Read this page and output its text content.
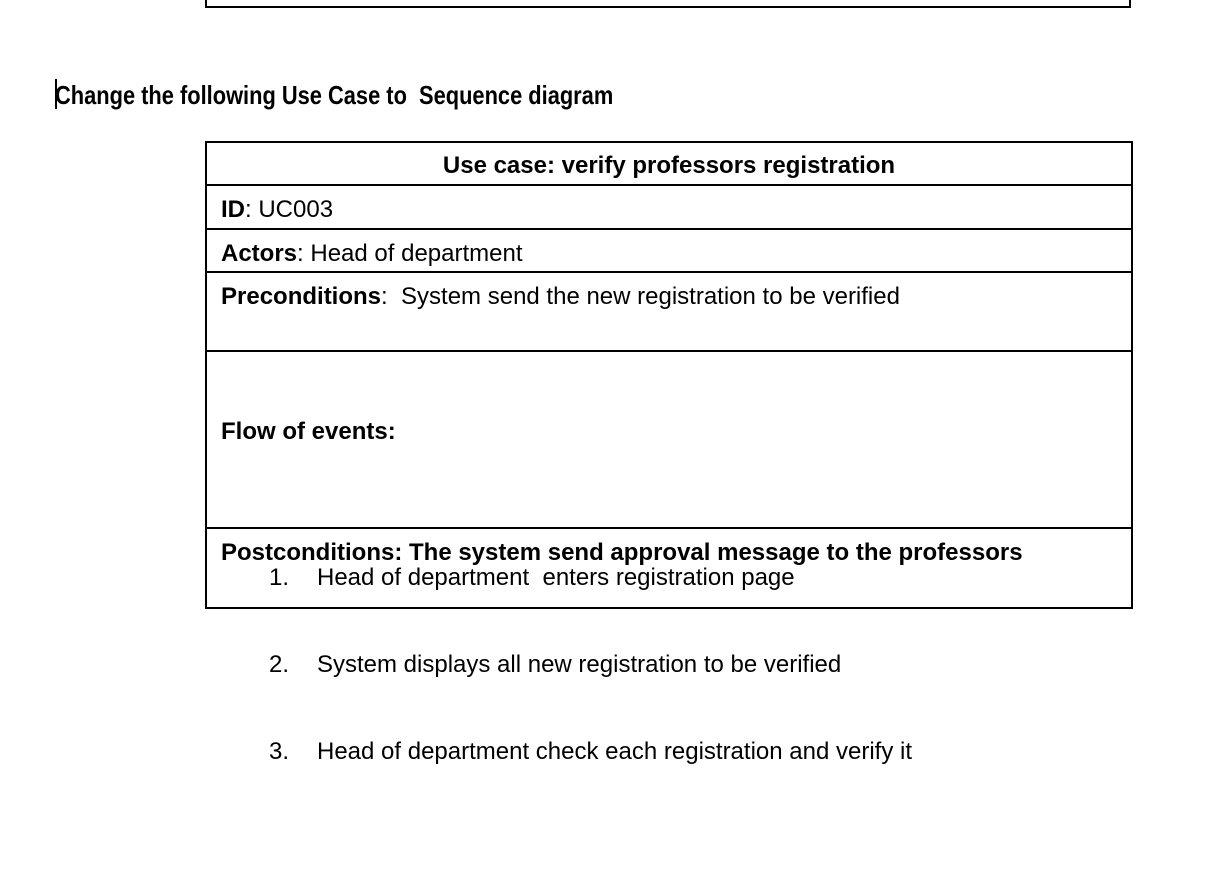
Change the following Use Case to  Sequence diagram
Use case: verify professors registration
ID: UC003
Actors: Head of department
Preconditions:  System send the new registration to be verified

Flow of events:

1. Head of department  enters registration page

2. System displays all new registration to be verified

3. Head of department check each registration and verify it

Postconditions: The system send approval message to the professors
